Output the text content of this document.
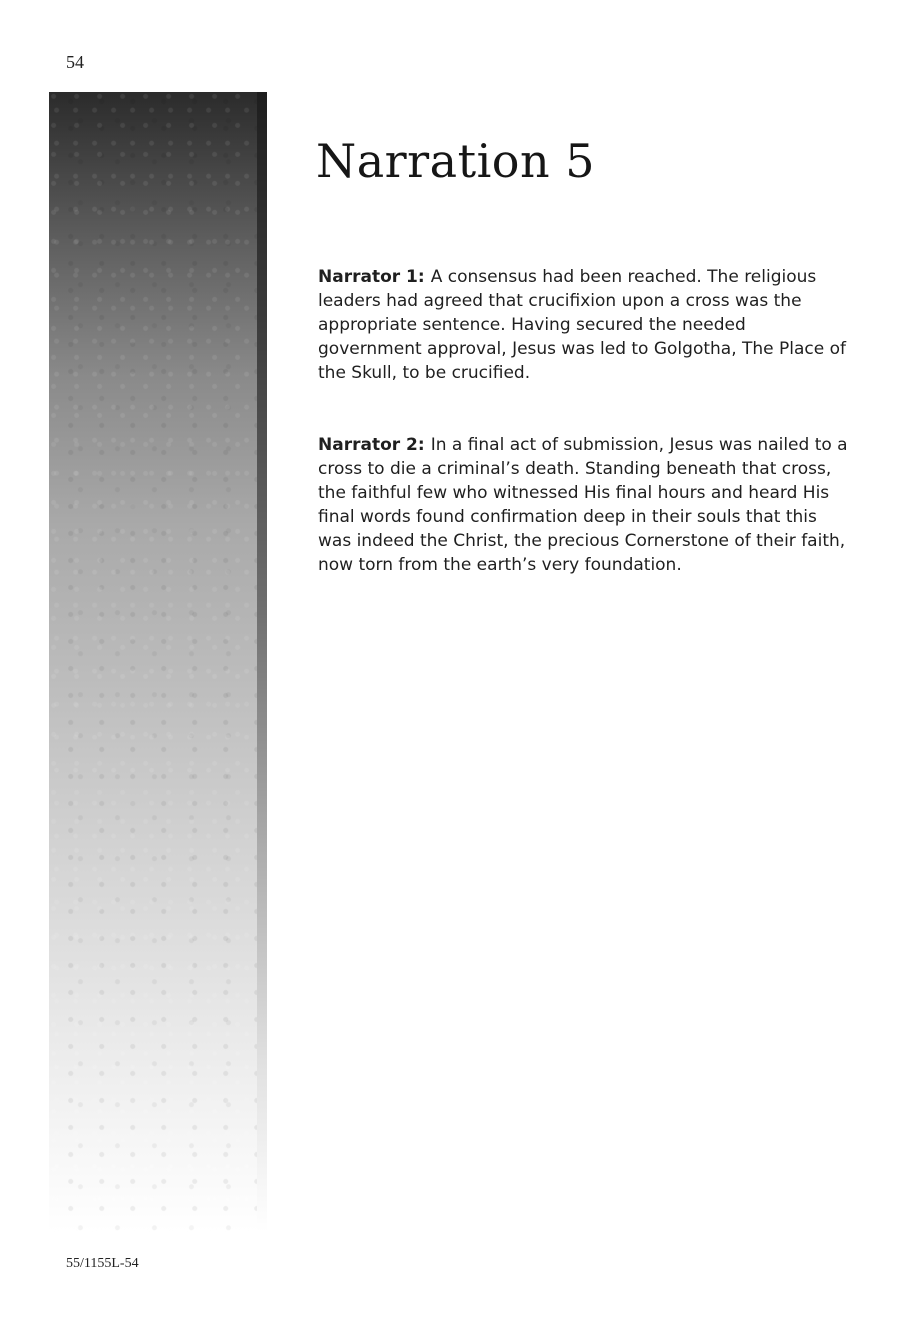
54
Narration 5

Narrator 1: A consensus had been reached. The religious leaders had agreed that crucifixion upon a cross was the appropriate sentence. Having secured the needed government approval, Jesus was led to Golgotha, The Place of the Skull, to be crucified.

Narrator 2: In a final act of submission, Jesus was nailed to a cross to die a criminal’s death. Standing beneath that cross, the faithful few who witnessed His final hours and heard His final words found confirmation deep in their souls that this was indeed the Christ, the precious Cornerstone of their faith, now torn from the earth’s very foundation.

55/1155L-54
